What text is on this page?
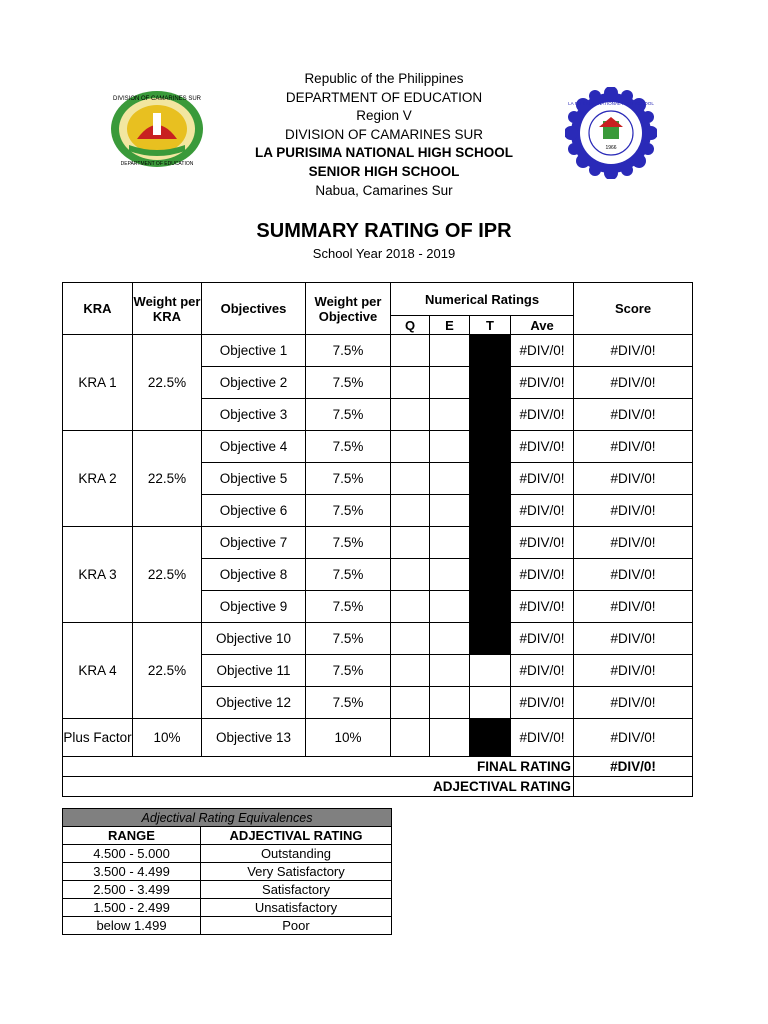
DIVISION OF CAMARINES SUR
DEPARTMENT OF EDUCATION
LA PURISIMA NATIONAL HIGH SCHOOL
1966
Republic of the Philippines
DEPARTMENT OF EDUCATION
Region V
DIVISION OF CAMARINES SUR
LA PURISIMA NATIONAL HIGH SCHOOL
SENIOR HIGH SCHOOL
Nabua, Camarines Sur
SUMMARY RATING OF IPR
School Year 2018 - 2019
KRA	Weight per KRA	Objectives	Weight per Objective	Numerical Ratings				Score
				Q	E	T	Ave	
KRA 1	22.5%	Objective 1	7.5%				#DIV/0!	#DIV/0!
		Objective 2	7.5%				#DIV/0!	#DIV/0!
		Objective 3	7.5%				#DIV/0!	#DIV/0!
KRA 2	22.5%	Objective 4	7.5%				#DIV/0!	#DIV/0!
		Objective 5	7.5%				#DIV/0!	#DIV/0!
		Objective 6	7.5%				#DIV/0!	#DIV/0!
KRA 3	22.5%	Objective 7	7.5%				#DIV/0!	#DIV/0!
		Objective 8	7.5%				#DIV/0!	#DIV/0!
		Objective 9	7.5%				#DIV/0!	#DIV/0!
KRA 4	22.5%	Objective 10	7.5%				#DIV/0!	#DIV/0!
		Objective 11	7.5%				#DIV/0!	#DIV/0!
		Objective 12	7.5%				#DIV/0!	#DIV/0!
Plus Factor	10%	Objective 13	10%				#DIV/0!	#DIV/0!
FINAL RATING								#DIV/0!
ADJECTIVAL RATING								
Adjectival Rating Equivalences	
RANGE	ADJECTIVAL RATING
4.500 - 5.000	Outstanding
3.500 - 4.499	Very Satisfactory
2.500 - 3.499	Satisfactory
1.500 - 2.499	Unsatisfactory
below 1.499	Poor
